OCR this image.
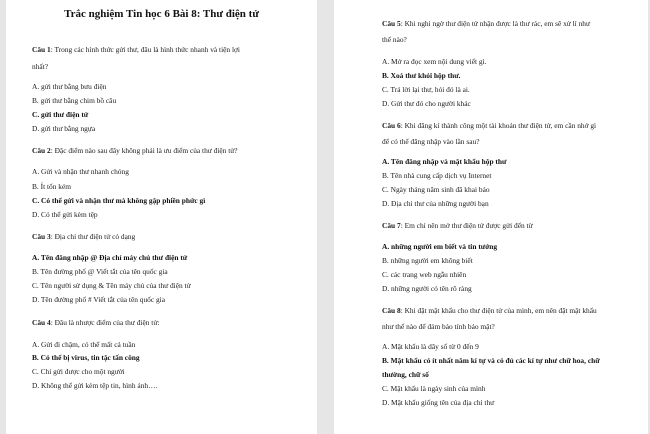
Trắc nghiệm Tin học 6 Bài 8: Thư điện tử
Câu 1: Trong các hình thức gửi thư, đâu là hình thức nhanh và tiện lợi
nhất?
A. gửi thư bằng bưu điện
B. gửi thư bằng chim bồ câu
C. gửi thư điện tử
D. gửi thư bằng ngựa
Câu 2: Đặc điểm nào sau đây không phải là ưu điểm của thư điện tử?
A. Gửi và nhận thư nhanh chóng
B. Ít tốn kém
C. Có thể gửi và nhận thư mà không gặp phiền phức gì
D. Có thể gửi kèm tệp
Câu 3: Địa chỉ thư điện tử có dạng
A. Tên đăng nhập @ Địa chỉ máy chủ thư điện tử
B. Tên đường phố @ Viết tắt của tên quốc gia
C. Tên người sử dụng & Tên máy chủ của thư điện tử
D. Tên đường phố # Viết tắt của tên quốc gia
Câu 4: Đâu là nhược điểm của thư điện tử:
A. Gửi đi chậm, có thể mất cả tuần
B. Có thể bị virus, tin tặc tấn công
C. Chỉ gửi được cho một người
D. Không thể gửi kèm tệp tin, hình ảnh….
Câu 5: Khi nghi ngờ thư điện tử nhận được là thư rác, em sẽ xử lí như
thế nào?
A. Mở ra đọc xem nội dung viết gì.
B. Xoá thư khỏi hộp thư.
C. Trả lời lại thư, hỏi đó là ai.
D. Gửi thư đó cho người khác
Câu 6: Khi đăng kí thành công một tài khoản thư điện tử, em cần nhớ gì
để có thể đăng nhập vào lần sau?
A. Tên đăng nhập và mật khẩu hộp thư
B. Tên nhà cung cấp dịch vụ Internet
C. Ngày tháng năm sinh đã khai báo
D. Địa chỉ thư của những người bạn
Câu 7: Em chỉ nên mở thư điện tử được gửi đến từ
A. những người em biết và tin tưởng
B. những người em không biết
C. các trang web ngẫu nhiên
D. những người có tên rõ ràng
Câu 8: Khi đặt mật khẩu cho thư điện tử của mình, em nên đặt mật khẩu
như thế nào để đảm bảo tính bảo mật?
A. Mật khẩu là dãy số từ 0 đến 9
B. Mật khẩu có ít nhất năm kí tự và có đủ các kí tự như chữ hoa, chữ
thường, chữ số
C. Mật khẩu là ngày sinh của mình
D. Mật khẩu giống tên của địa chỉ thư
